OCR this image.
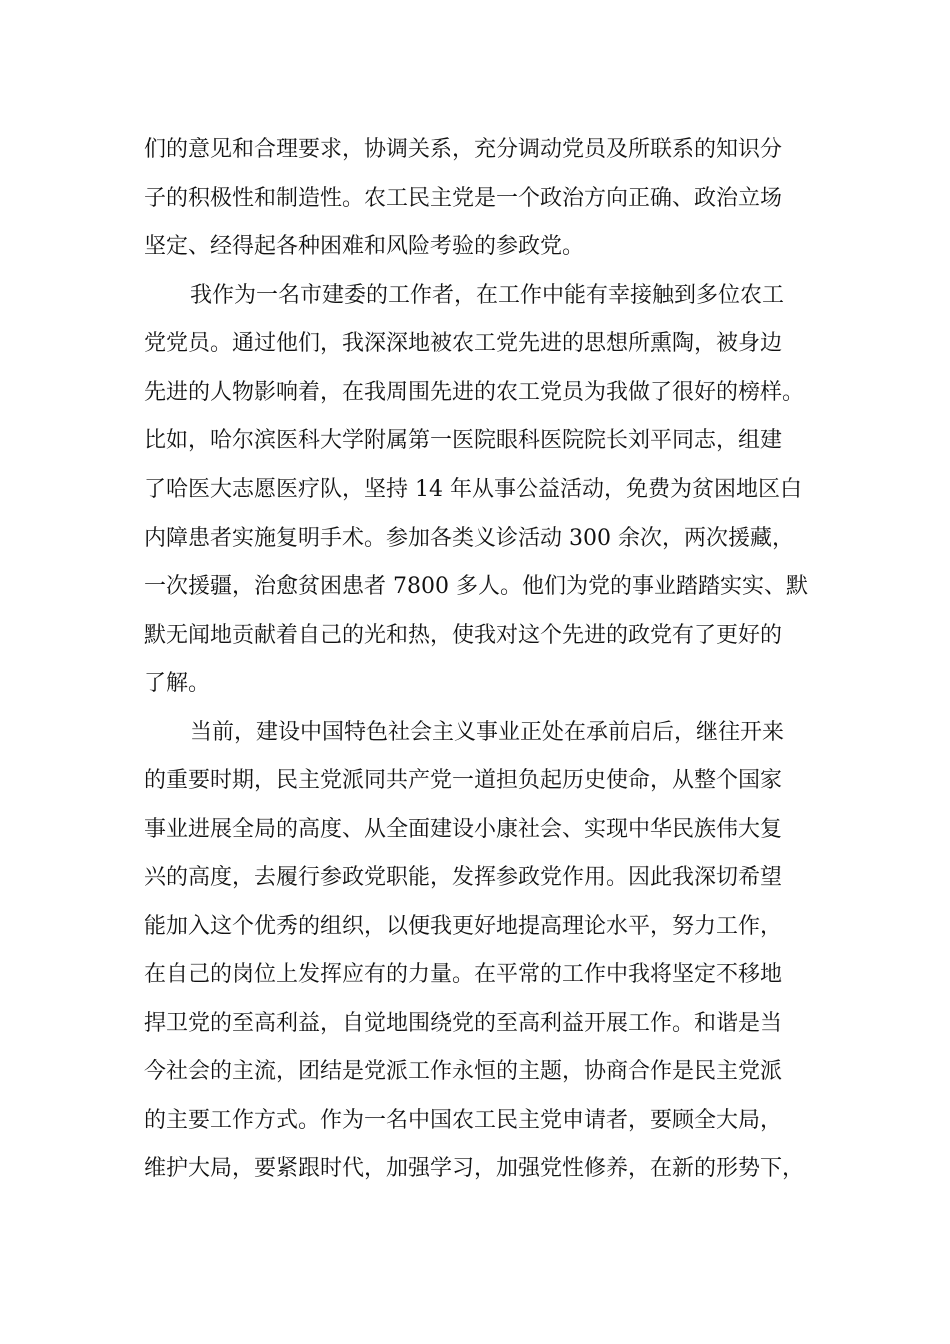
们的意见和合理要求，协调关系，充分调动党员及所联系的知识分
子的积极性和制造性。农工民主党是一个政治方向正确、政治立场
坚定、经得起各种困难和风险考验的参政党。
我作为一名市建委的工作者，在工作中能有幸接触到多位农工
党党员。通过他们，我深深地被农工党先进的思想所熏陶，被身边
先进的人物影响着，在我周围先进的农工党员为我做了很好的榜样。
比如，哈尔滨医科大学附属第一医院眼科医院院长刘平同志，组建
了哈医大志愿医疗队，坚持 14 年从事公益活动，免费为贫困地区白
内障患者实施复明手术。参加各类义诊活动 300 余次，两次援藏，
一次援疆，治愈贫困患者 7800 多人。他们为党的事业踏踏实实、默
默无闻地贡献着自己的光和热，使我对这个先进的政党有了更好的
了解。
当前，建设中国特色社会主义事业正处在承前启后，继往开来
的重要时期，民主党派同共产党一道担负起历史使命，从整个国家
事业进展全局的高度、从全面建设小康社会、实现中华民族伟大复
兴的高度，去履行参政党职能，发挥参政党作用。因此我深切希望
能加入这个优秀的组织，以便我更好地提高理论水平，努力工作，
在自己的岗位上发挥应有的力量。在平常的工作中我将坚定不移地
捍卫党的至高利益，自觉地围绕党的至高利益开展工作。和谐是当
今社会的主流，团结是党派工作永恒的主题，协商合作是民主党派
的主要工作方式。作为一名中国农工民主党申请者，要顾全大局，
维护大局，要紧跟时代，加强学习，加强党性修养，在新的形势下，
